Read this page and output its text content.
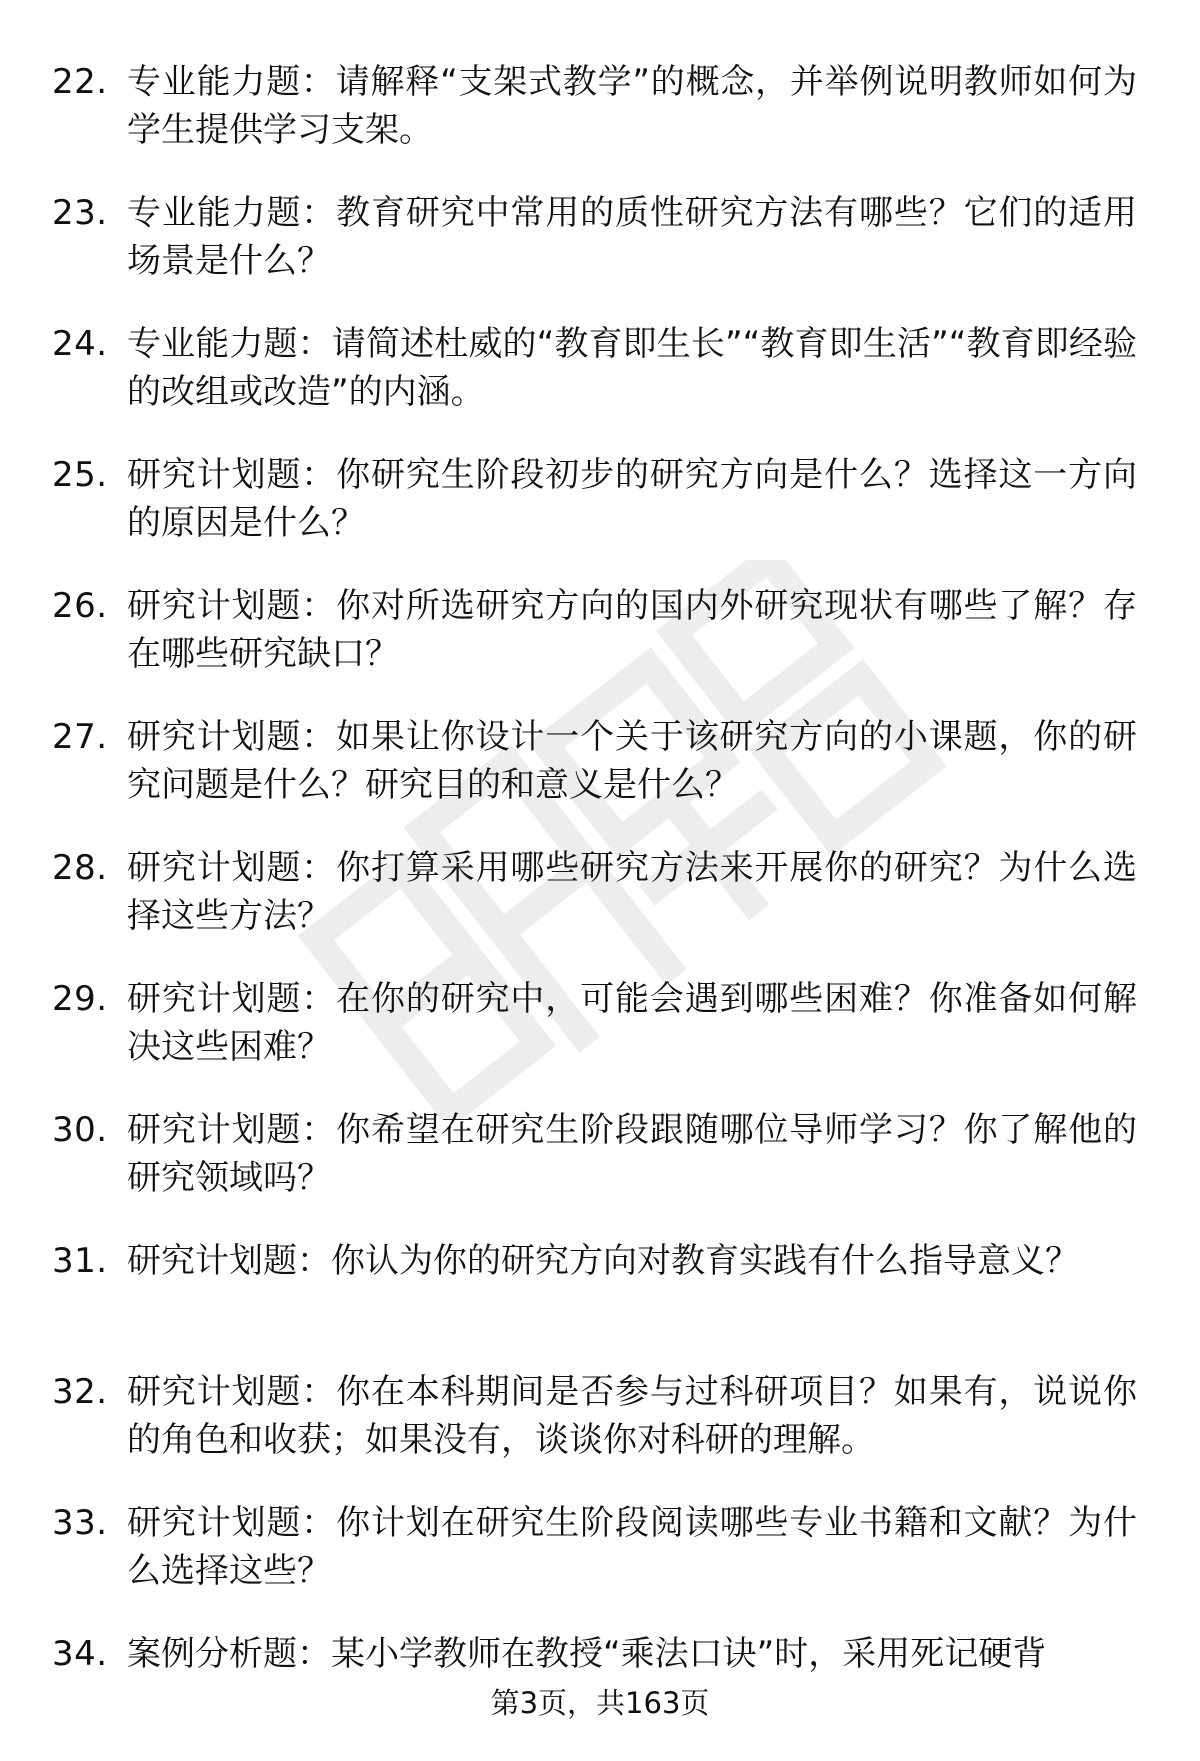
22. 专业能力题：请解释“支架式教学”的概念，并举例说明教师如何为学生提供学习支架。
23. 专业能力题：教育研究中常用的质性研究方法有哪些？它们的适用场景是什么？
24. 专业能力题：请简述杜威的“教育即生长”“教育即生活”“教育即经验的改组或改造”的内涵。
25. 研究计划题：你研究生阶段初步的研究方向是什么？选择这一方向的原因是什么？
26. 研究计划题：你对所选研究方向的国内外研究现状有哪些了解？存在哪些研究缺口？
27. 研究计划题：如果让你设计一个关于该研究方向的小课题，你的研究问题是什么？研究目的和意义是什么？
28. 研究计划题：你打算采用哪些研究方法来开展你的研究？为什么选择这些方法？
29. 研究计划题：在你的研究中，可能会遇到哪些困难？你准备如何解决这些困难？
30. 研究计划题：你希望在研究生阶段跟随哪位导师学习？你了解他的研究领域吗？
31. 研究计划题：你认为你的研究方向对教育实践有什么指导意义？
32. 研究计划题：你在本科期间是否参与过科研项目？如果有，说说你的角色和收获；如果没有，谈谈你对科研的理解。
33. 研究计划题：你计划在研究生阶段阅读哪些专业书籍和文献？为什么选择这些？
34. 案例分析题：某小学教师在教授“乘法口诀”时，采用死记硬背
第3页，共163页
